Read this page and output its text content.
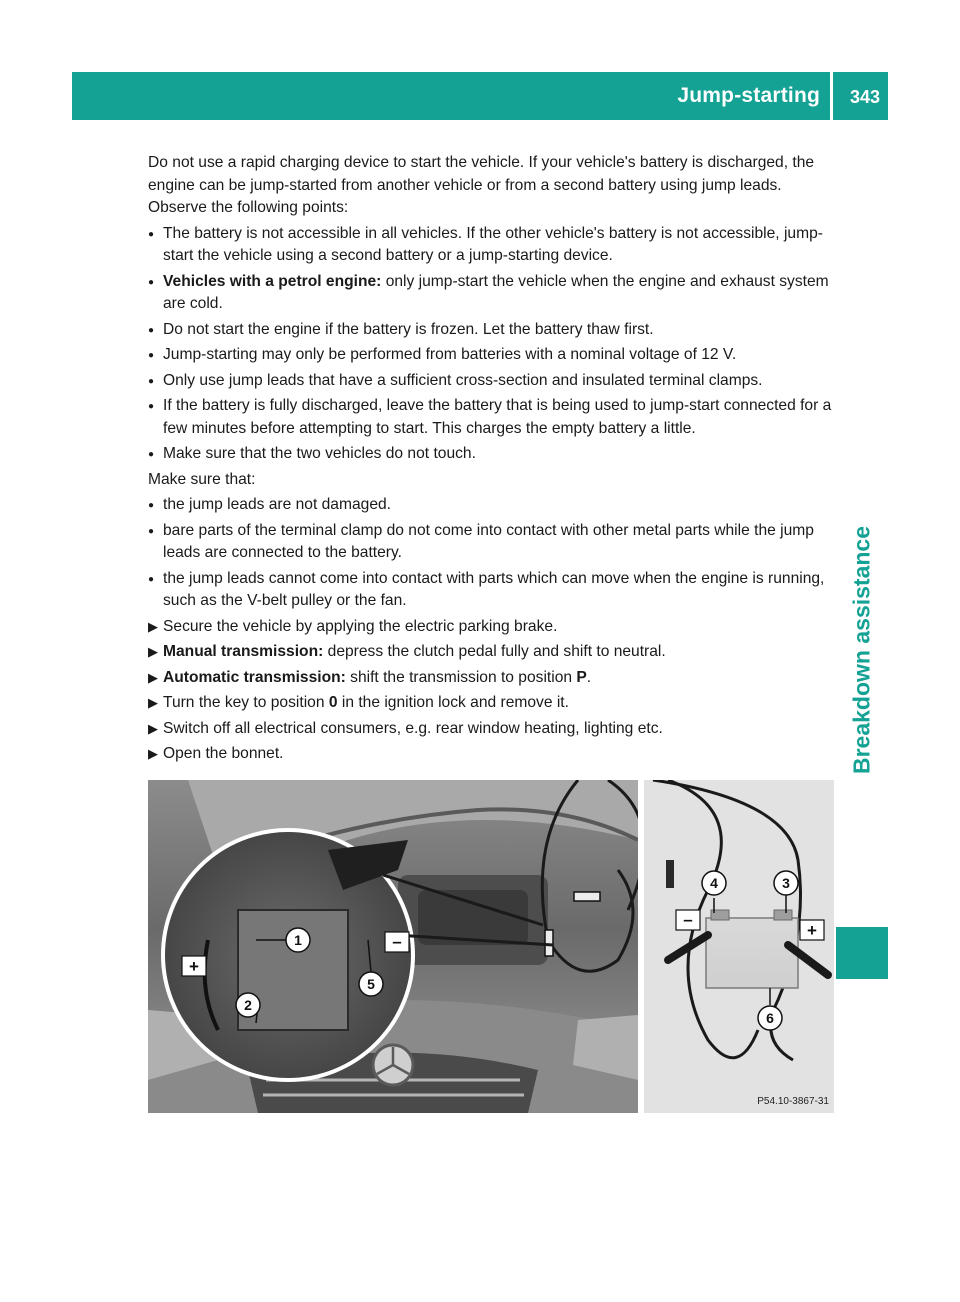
Jump-starting 343
Breakdown assistance

Do not use a rapid charging device to start the vehicle. If your vehicle's battery is discharged, the engine can be jump-started from another vehicle or from a second battery using jump leads. Observe the following points:

● The battery is not accessible in all vehicles. If the other vehicle's battery is not accessible, jump-start the vehicle using a second battery or a jump-starting device.
● Vehicles with a petrol engine: only jump-start the vehicle when the engine and exhaust system are cold.
● Do not start the engine if the battery is frozen. Let the battery thaw first.
● Jump-starting may only be performed from batteries with a nominal voltage of 12 V.
● Only use jump leads that have a sufficient cross-section and insulated terminal clamps.
● If the battery is fully discharged, leave the battery that is being used to jump-start connected for a few minutes before attempting to start. This charges the empty battery a little.
● Make sure that the two vehicles do not touch.

Make sure that:

● the jump leads are not damaged.
● bare parts of the terminal clamp do not come into contact with other metal parts while the jump leads are connected to the battery.
● the jump leads cannot come into contact with parts which can move when the engine is running, such as the V-belt pulley or the fan.
▶ Secure the vehicle by applying the electric parking brake.
▶ Manual transmission: depress the clutch pedal fully and shift to neutral.
▶ Automatic transmission: shift the transmission to position P.
▶ Turn the key to position 0 in the ignition lock and remove it.
▶ Switch off all electrical consumers, e.g. rear window heating, lighting etc.
▶ Open the bonnet.
1
2
5
+
–
4	3
6
–
+
P54.10-3867-31
